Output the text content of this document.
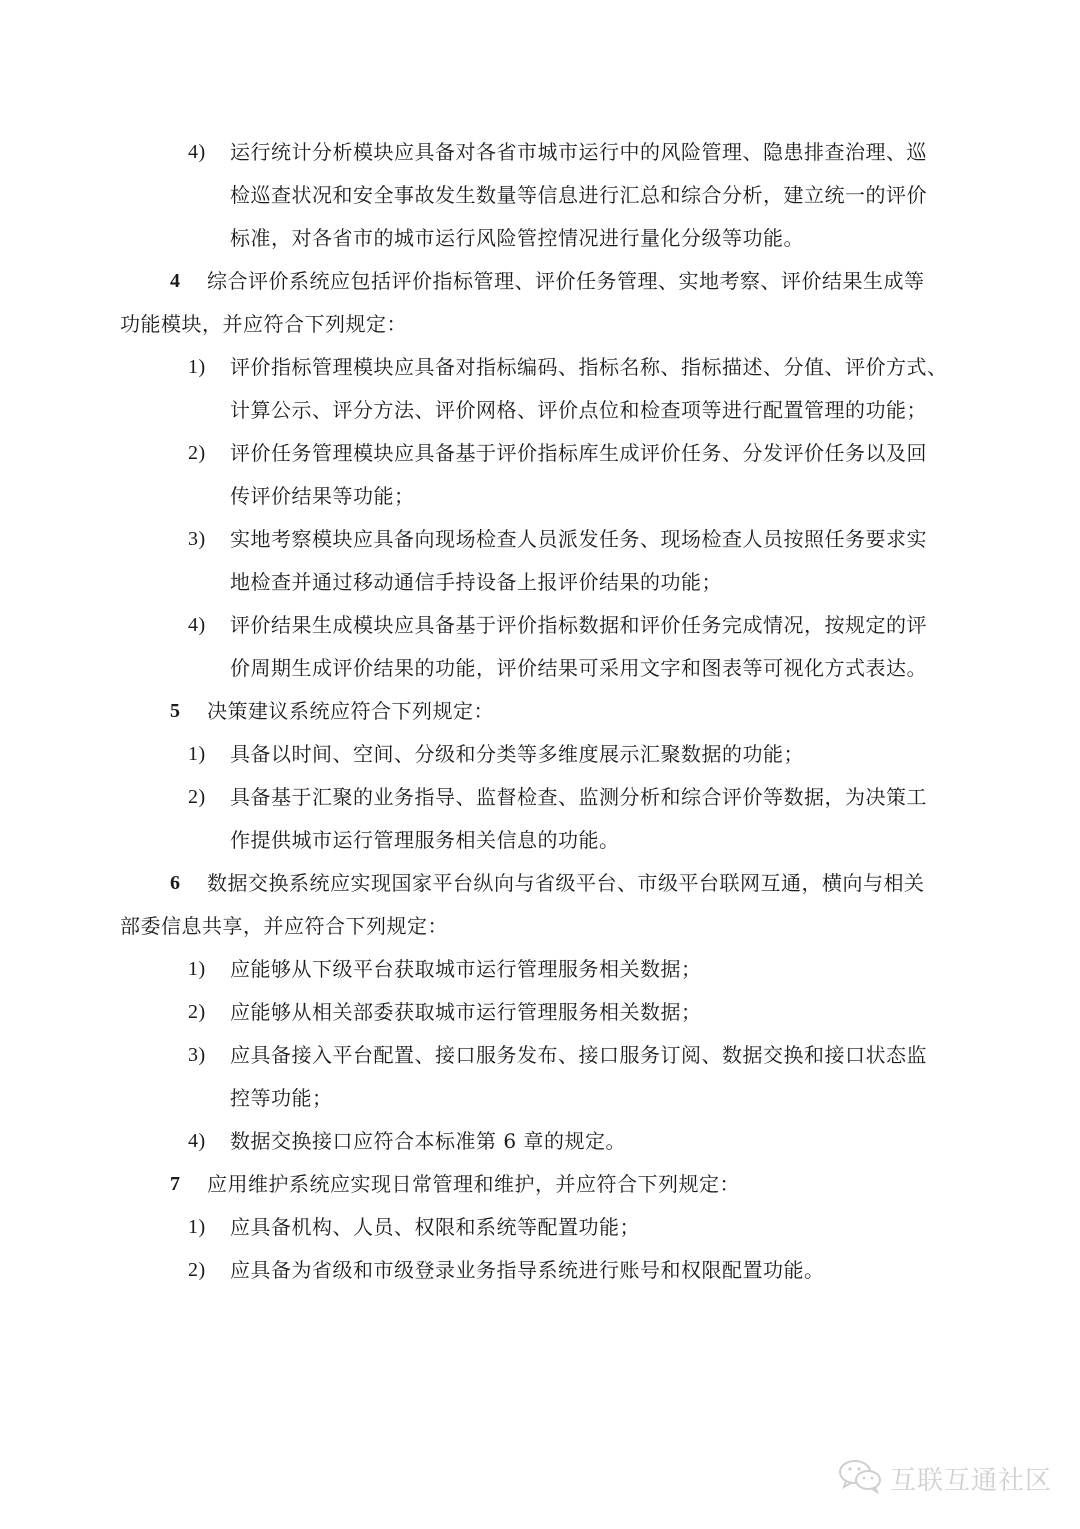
4) 运行统计分析模块应具备对各省市城市运行中的风险管理、隐患排查治理、巡
检巡查状况和安全事故发生数量等信息进行汇总和综合分析，建立统一的评价
标准，对各省市的城市运行风险管控情况进行量化分级等功能。
4 综合评价系统应包括评价指标管理、评价任务管理、实地考察、评价结果生成等
功能模块，并应符合下列规定：
1) 评价指标管理模块应具备对指标编码、指标名称、指标描述、分值、评价方式、
计算公示、评分方法、评价网格、评价点位和检查项等进行配置管理的功能；
2) 评价任务管理模块应具备基于评价指标库生成评价任务、分发评价任务以及回
传评价结果等功能；
3) 实地考察模块应具备向现场检查人员派发任务、现场检查人员按照任务要求实
地检查并通过移动通信手持设备上报评价结果的功能；
4) 评价结果生成模块应具备基于评价指标数据和评价任务完成情况，按规定的评
价周期生成评价结果的功能，评价结果可采用文字和图表等可视化方式表达。
5 决策建议系统应符合下列规定：
1) 具备以时间、空间、分级和分类等多维度展示汇聚数据的功能；
2) 具备基于汇聚的业务指导、监督检查、监测分析和综合评价等数据，为决策工
作提供城市运行管理服务相关信息的功能。
6 数据交换系统应实现国家平台纵向与省级平台、市级平台联网互通，横向与相关
部委信息共享，并应符合下列规定：
1) 应能够从下级平台获取城市运行管理服务相关数据；
2) 应能够从相关部委获取城市运行管理服务相关数据；
3) 应具备接入平台配置、接口服务发布、接口服务订阅、数据交换和接口状态监
控等功能；
4) 数据交换接口应符合本标准第 6 章的规定。
7 应用维护系统应实现日常管理和维护，并应符合下列规定：
1) 应具备机构、人员、权限和系统等配置功能；
2) 应具备为省级和市级登录业务指导系统进行账号和权限配置功能。
互联互通社区
